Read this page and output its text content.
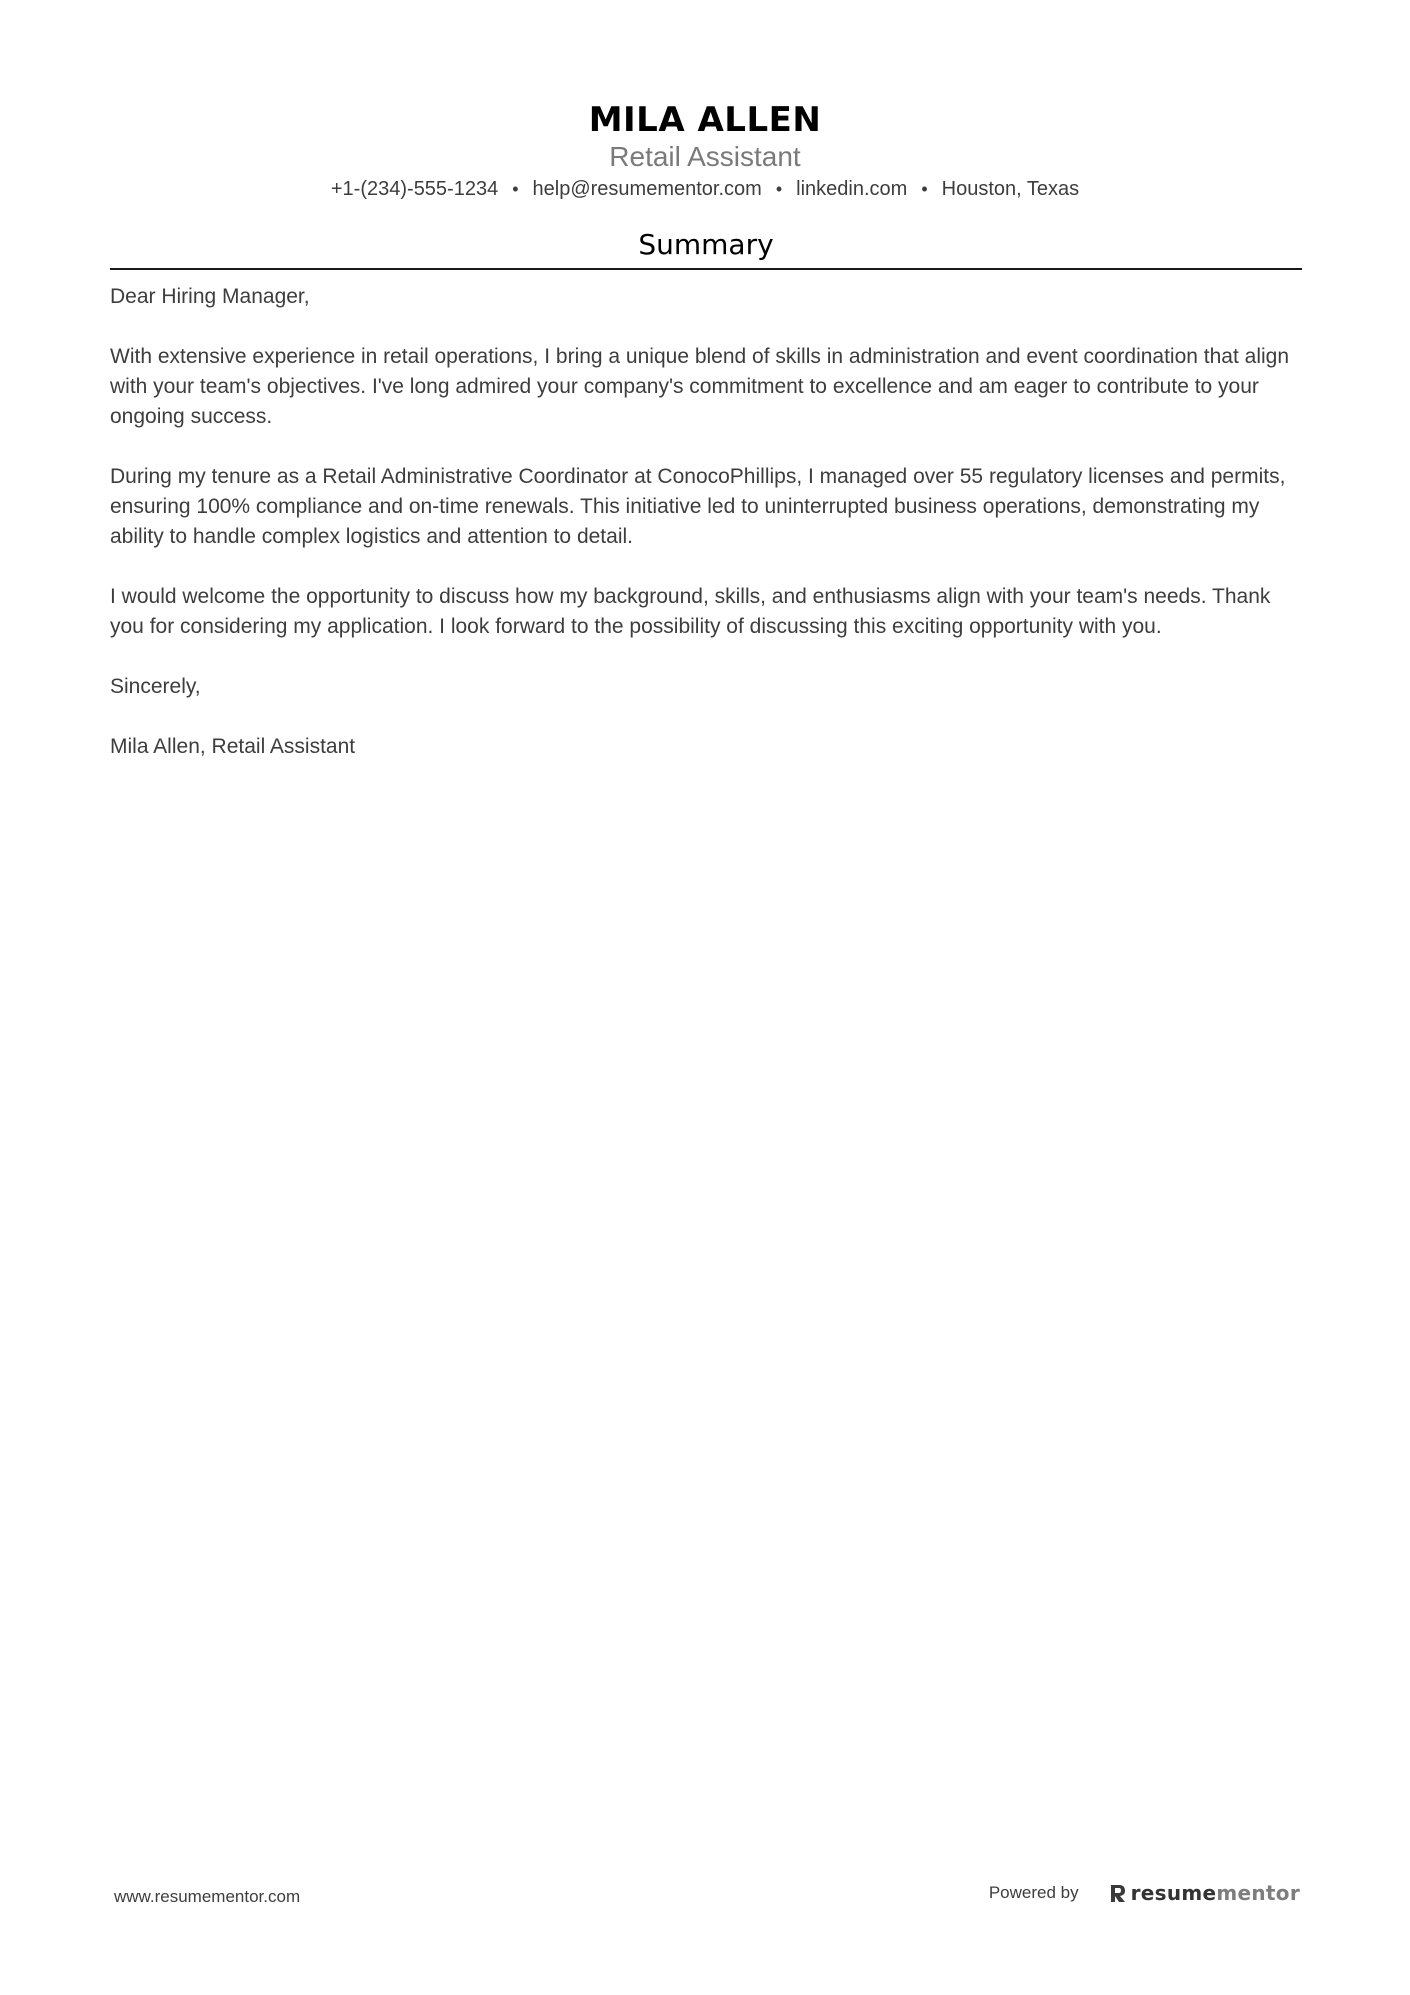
MILA ALLEN
Retail Assistant
+1-(234)-555-1234 • help@resumementor.com • linkedin.com • Houston, Texas
Summary

Dear Hiring Manager,

With extensive experience in retail operations, I bring a unique blend of skills in administration and event coordination that align with your team's objectives. I've long admired your company's commitment to excellence and am eager to contribute to your ongoing success.

During my tenure as a Retail Administrative Coordinator at ConocoPhillips, I managed over 55 regulatory licenses and permits, ensuring 100% compliance and on-time renewals. This initiative led to uninterrupted business operations, demonstrating my ability to handle complex logistics and attention to detail.

I would welcome the opportunity to discuss how my background, skills, and enthusiasms align with your team's needs. Thank you for considering my application. I look forward to the possibility of discussing this exciting opportunity with you.

Sincerely,

Mila Allen, Retail Assistant

www.resumementor.com	Powered by	resume mentor
